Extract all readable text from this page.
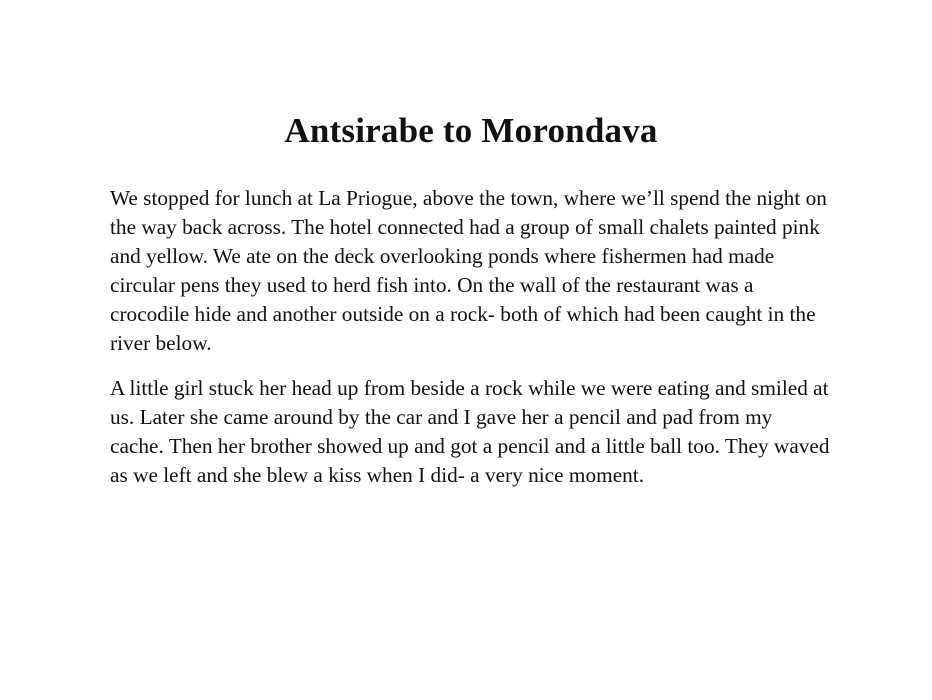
Antsirabe to Morondava

We stopped for lunch at La Priogue, above the town, where we’ll spend the night on the way back across. The hotel connected had a group of small chalets painted pink and yellow. We ate on the deck overlooking ponds where fishermen had made circular pens they used to herd fish into. On the wall of the restaurant was a crocodile hide and another outside on a rock- both of which had been caught in the river below.

A little girl stuck her head up from beside a rock while we were eating and smiled at us. Later she came around by the car and I gave her a pencil and pad from my cache. Then her brother showed up and got a pencil and a little ball too. They waved as we left and she blew a kiss when I did- a very nice moment.
